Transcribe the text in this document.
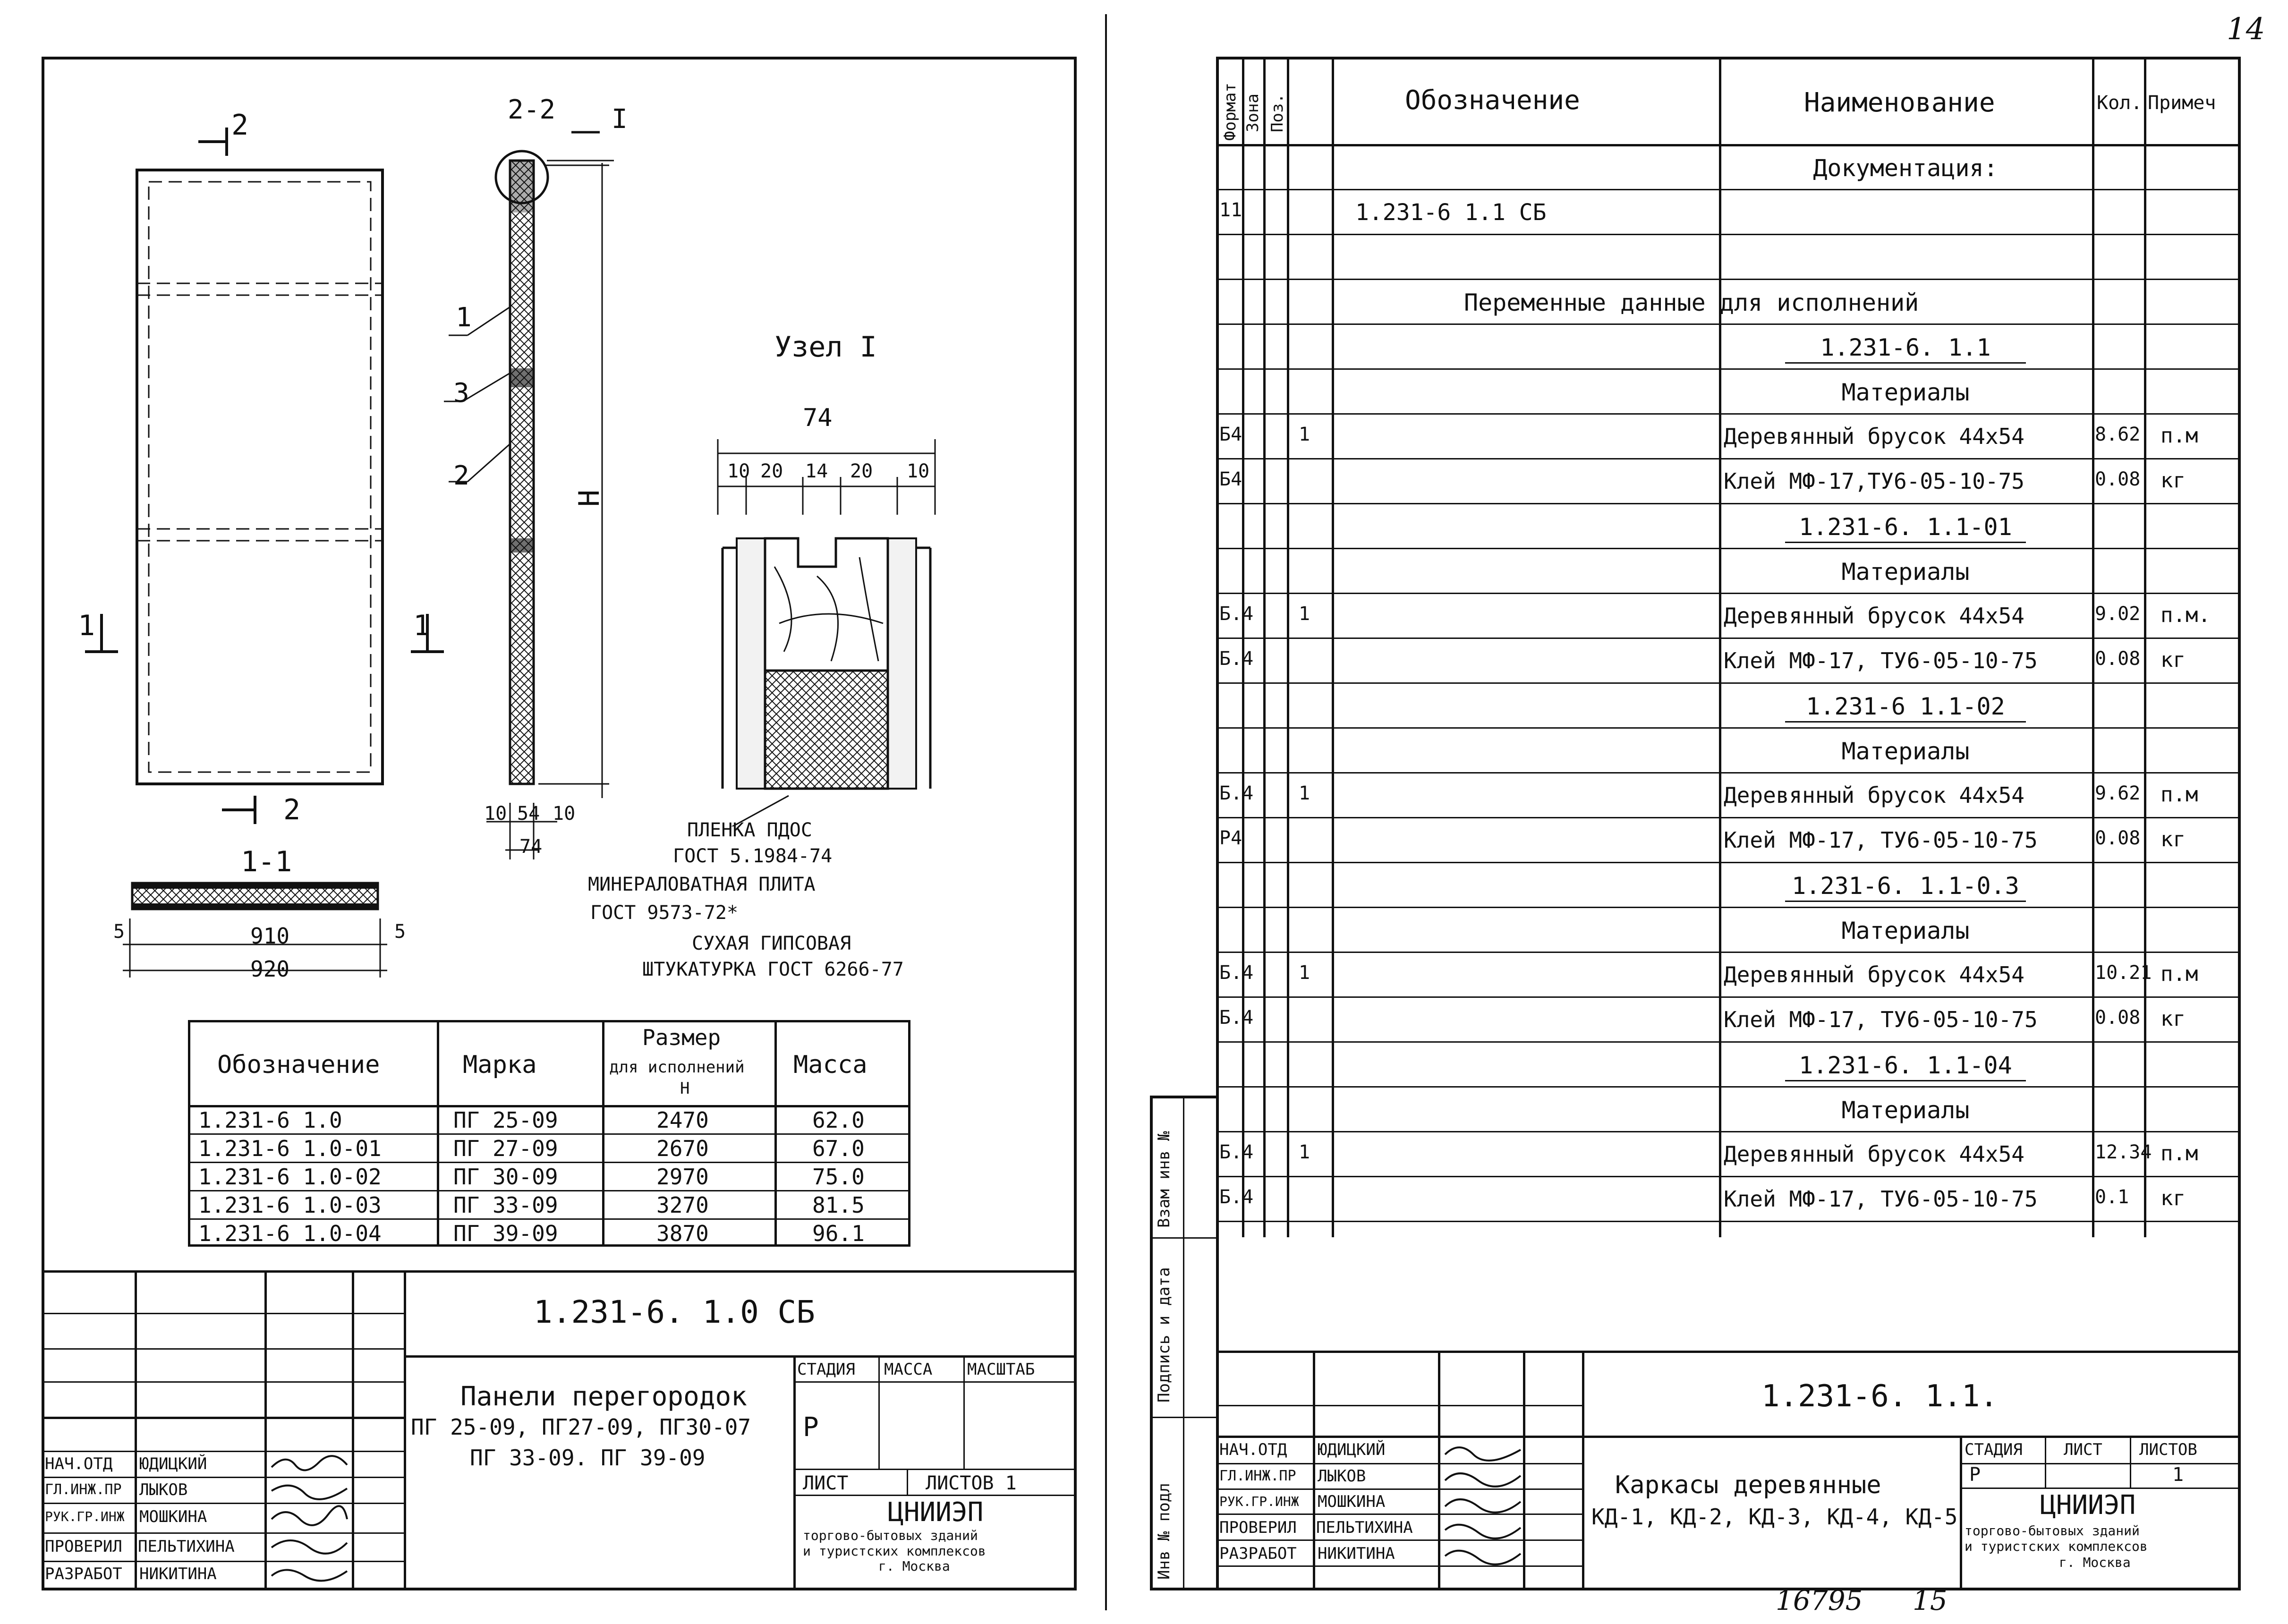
2
2
1	1
2-2 I
H
1
3
2
10 54 10
74
1-1
5	910	5
920
Узел I
74
10 20 14 20 10
ПЛЕНКА ПДОС
ГОСТ 5.1984-74
МИНЕРАЛОВАТНАЯ ПЛИТА
ГОСТ 9573-72*
СУХАЯ ГИПСОВАЯ
ШТУКАТУРКА ГОСТ 6266-77
Обозначение	Марка
Размер
для исполнений
Н
Масса
1.231-6 1.0	ПГ 25-09	2470	62.0
1.231-6 1.0-01	ПГ 27-09	2670	67.0
1.231-6 1.0-02	ПГ 30-09	2970	75.0
1.231-6 1.0-03	ПГ 33-09	3270	81.5
1.231-6 1.0-04	ПГ 39-09	3870	96.1
1.231-6. 1.0 СБ
Панели перегородок
ПГ 25-09, ПГ27-09, ПГ30-07
ПГ 33-09. ПГ 39-09
СТАДИЯ МАССА МАСШТАБ
Р
ЛИСТ	ЛИСТОВ 1
ЦНИИЭП
торгово-бытовых зданий
и туристских комплексов
г. Москва
НАЧ.ОТД ЮДИЦКИЙ
ГЛ.ИНЖ.ПР ЛЫКОВ
РУК.ГР.ИНЖ МОШКИНА
ПРОВЕРИЛ ПЕЛЬТИХИНА
РАЗРАБОТ НИКИТИНА
14
Инв № подл
Подпись и дата
Взам инв №
Формат Зона Поз.	Обозначение	Наименование	Кол. Примеч
Документация:
11	1.231-6 1.1 СБ
Переменные данные для исполнений
1.231-6. 1.1
Материалы
Б4	1	Деревянный брусок 44х54	8.62 п.м
Б4	Клей МФ-17,ТУ6-05-10-75	0.08 кг
1.231-6. 1.1-01
Материалы
Б.4 1	Деревянный брусок 44х54	9.02 п.м.
Б.4	Клей МФ-17, ТУ6-05-10-75	0.08 кг
1.231-6 1.1-02
Материалы
Б.4 1	Деревянный брусок 44х54	9.62 п.м
Р4	Клей МФ-17, ТУ6-05-10-75	0.08 кг
1.231-6. 1.1-0.3
Материалы
Б.4 1	Деревянный брусок 44х54	10.21 п.м
Б.4	Клей МФ-17, ТУ6-05-10-75	0.08 кг
1.231-6. 1.1-04
Материалы
Б.4 1	Деревянный брусок 44х54	12.34 п.м
Б.4	Клей МФ-17, ТУ6-05-10-75	0.1 кг
1.231-6. 1.1.
Каркасы деревянные
КД-1, КД-2, КД-3, КД-4, КД-5
СТАДИЯ	ЛИСТ ЛИСТОВ
Р	1
ЦНИИЭП
торгово-бытовых зданий
и туристских комплексов
г. Москва
НАЧ.ОТД ЮДИЦКИЙ
ГЛ.ИНЖ.ПР ЛЫКОВ
РУК.ГР.ИНЖ МОШКИНА
ПРОВЕРИЛ ПЕЛЬТИХИНА
РАЗРАБОТ НИКИТИНА
16795 15
